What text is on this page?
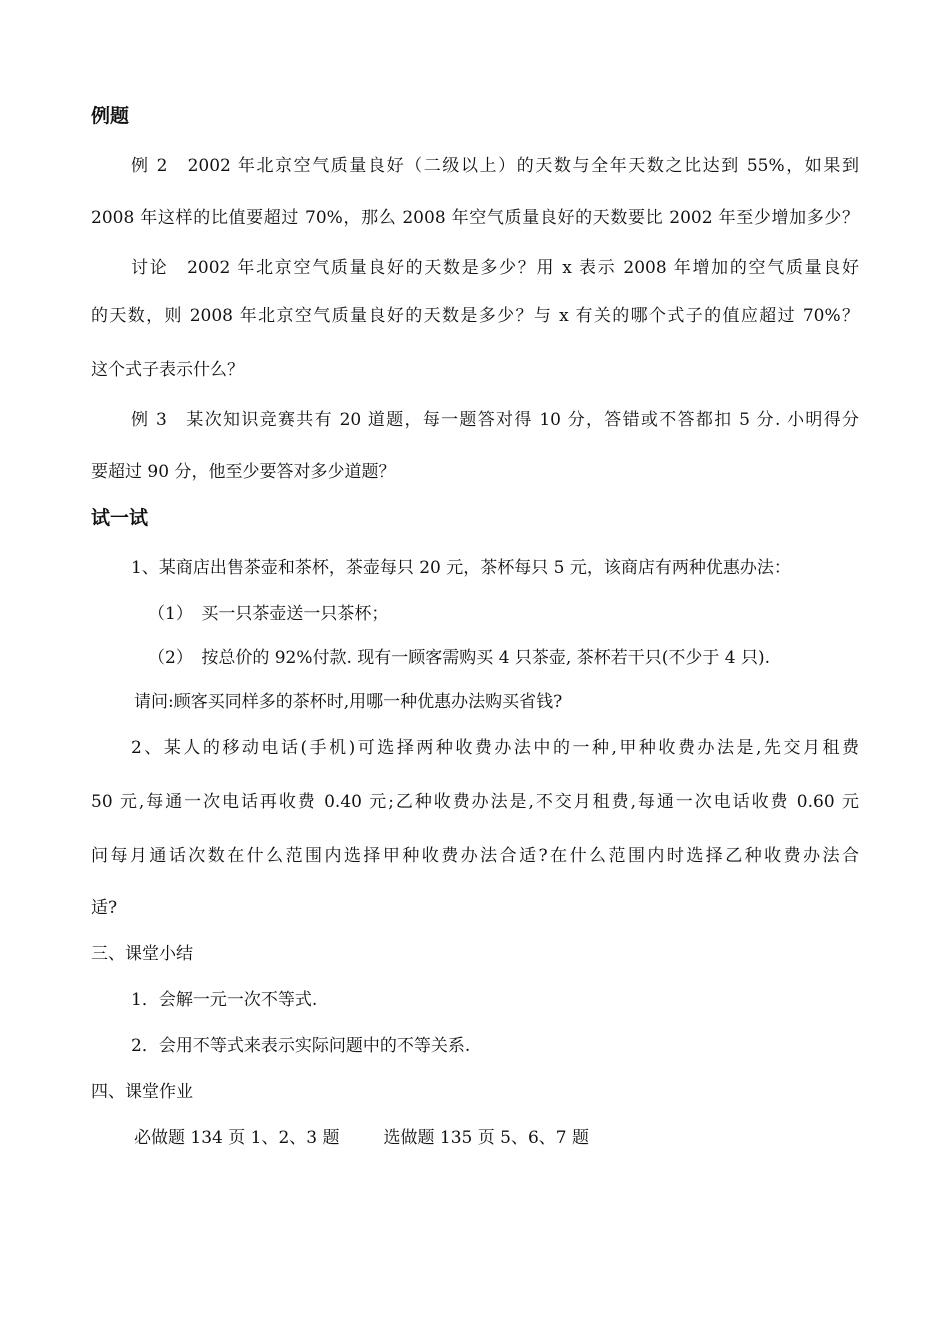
例题
例 2　2002 年北京空气质量良好（二级以上）的天数与全年天数之比达到 55%，如果到
2008 年这样的比值要超过 70%，那么 2008 年空气质量良好的天数要比 2002 年至少增加多少？
讨论　2002 年北京空气质量良好的天数是多少？用 x 表示 2008 年增加的空气质量良好
的天数，则 2008 年北京空气质量良好的天数是多少？与 x 有关的哪个式子的值应超过 70%？
这个式子表示什么？
例 3　某次知识竞赛共有 20 道题，每一题答对得 10 分，答错或不答都扣 5 分. 小明得分
要超过 90 分，他至少要答对多少道题？
试一试
1、某商店出售茶壶和茶杯，茶壶每只 20 元，茶杯每只 5 元，该商店有两种优惠办法：
（1）　买一只茶壶送一只茶杯；
（2）　按总价的 92%付款. 现有一顾客需购买 4 只茶壶, 茶杯若干只(不少于 4 只).
请问:顾客买同样多的茶杯时,用哪一种优惠办法购买省钱?
2、某人的移动电话(手机)可选择两种收费办法中的一种,甲种收费办法是,先交月租费
50 元,每通一次电话再收费 0.40 元;乙种收费办法是,不交月租费,每通一次电话收费 0.60 元
问每月通话次数在什么范围内选择甲种收费办法合适?在什么范围内时选择乙种收费办法合
适?
三、课堂小结
1．会解一元一次不等式.
2．会用不等式来表示实际问题中的不等关系.
四、课堂作业
必做题 134 页 1、2、3 题	选做题 135 页 5、6、7 题
